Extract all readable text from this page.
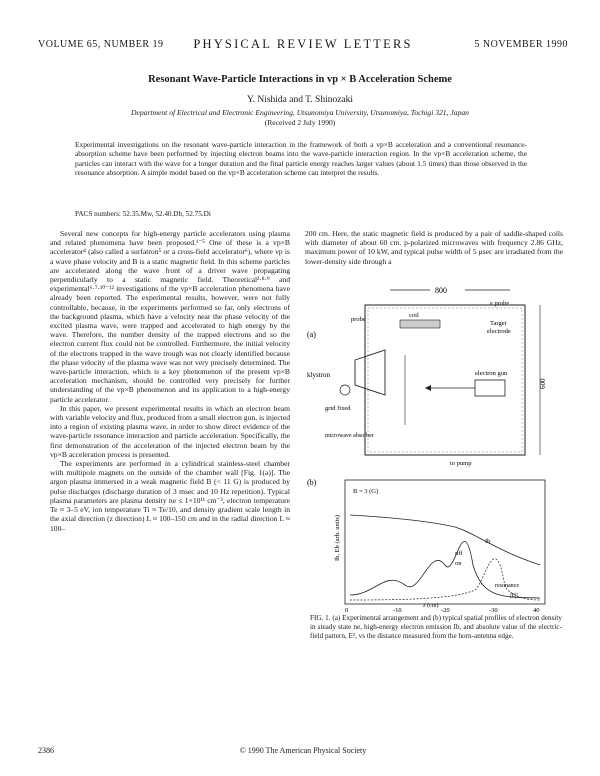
VOLUME 65, NUMBER 19	PHYSICAL REVIEW LETTERS	5 NOVEMBER 1990
Resonant Wave-Particle Interactions in vp × B Acceleration Scheme
Y. Nishida and T. Shinozaki
Department of Electrical and Electronic Engineering, Utsunomiya University, Utsunomiya, Tochigi 321, Japan
(Received 2 July 1990)
Experimental investigations on the resonant wave-particle interaction in the framework of both a vp×B acceleration and a conventional resonance-absorption scheme have been performed by injecting electron beams into the wave-particle interaction region. In the vp×B acceleration scheme, the particles can interact with the wave for a longer duration and the final particle energy reaches larger values (about 1.5 times) than those observed in the resonance absorption. A simple model based on the vp×B acceleration scheme can interpret the results.
PACS numbers: 52.35.Mw, 52.40.Db, 52.75.Di

Several new concepts for high-energy particle accelerators using plasma and related phenomena have been proposed.¹⁻⁵ One of these is a vp×B accelerator⁴ (also called a surfatron⁵ or a cross-field accelerator⁶), where vp is a wave phase velocity and B is a static magnetic field. In this scheme particles are accelerated along the wave front of a driver wave propagating perpendicularly to a static magnetic field. Theoretical²·⁸·⁹ and experimental⁶·⁷·¹⁰⁻¹² investigations of the vp×B acceleration phenomena have already been reported. The experimental results, however, were not fully controllable, because, in the experiments performed so far, only electrons of the background plasma, which have a velocity near the phase velocity of the excited plasma wave, were trapped and accelerated to high energy by the wave. Therefore, the number density of the trapped electrons and so the electron current flux could not be controlled. Furthermore, the initial velocity of the electrons trapped in the wave trough was not clearly identified because the phase velocity of the plasma wave was not very precisely determined. The wave-particle interaction, which is a key phenomenon of the present vp×B acceleration mechanism, should be controlled very precisely for further understanding of the vp×B phenomenon and its application to a high-energy particle accelerator.

In this paper, we present experimental results in which an electron beam with variable velocity and flux, produced from a small electron gun, is injected into a region of existing plasma wave, in order to show direct evidence of the wave-particle resonance interaction and particle acceleration. Specifically, the first demonstration of the acceleration of the injected electron beam by the vp×B acceleration process is presented.

The experiments are performed in a cylindrical stainless-steel chamber with multipole magnets on the outside of the chamber wall [Fig. 1(a)]. The argon plasma immersed in a weak magnetic field B (< 11 G) is produced by pulse discharges (discharge duration of 3 msec and 10 Hz repetition). Typical plasma parameters are plasma density ne ≤ 1×10¹¹ cm⁻³, electron temperature Te ≈ 3–5 eV, ion temperature Ti ≈ Te/10, and density gradient scale length in the axial direction (z direction) L ≈ 100–150 cm and in the radial direction L ≈ 100–

200 cm. Here, the static magnetic field is produced by a pair of saddle-shaped coils with diameter of about 60 cm. p-polarized microwaves with frequency 2.86 GHz, maximum power of 10 kW, and typical pulse width of 5 μsec are irradiated from the lower-density side through a

(a)
800
e probe
coil
probe
Target
electrode
klystron
grid fixed
microwave absorber
electron gun
to pump
600
(b)
B = 3 (G)
Ib, Eb (arb. units)	Ib
off
on
resonance
|E|²
0	-10	-20	-30	40
z (cm)
FIG. 1. (a) Experimental arrangement and (b) typical spatial profiles of electron density in steady state ne, high-energy electron emission Ib, and absolute value of the electric-field pattern, E², vs the distance measured from the horn-antenna edge.
2386	© 1990 The American Physical Society
